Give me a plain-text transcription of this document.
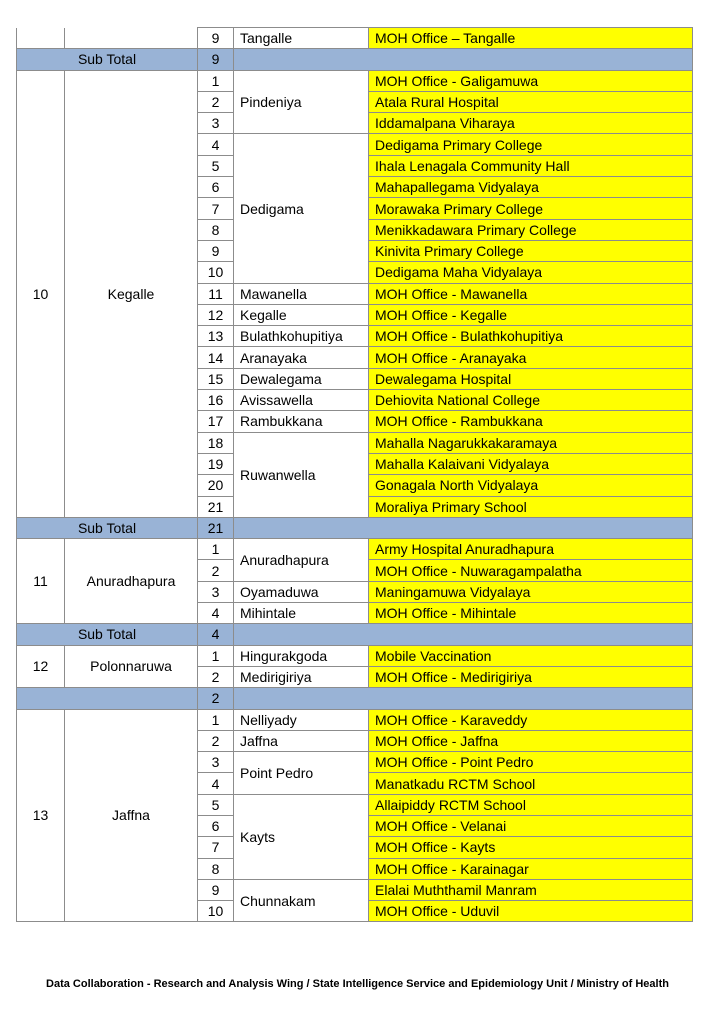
		9	Tangalle	MOH Office – Tangalle
Sub Total		9		
10	Kegalle	1	Pindeniya	MOH Office - Galigamuwa
		2		Atala Rural Hospital
		3		Iddamalpana Viharaya
		4	Dedigama	Dedigama Primary College
		5		Ihala Lenagala Community Hall
		6		Mahapallegama Vidyalaya
		7		Morawaka Primary College
		8		Menikkadawara Primary College
		9		Kinivita Primary College
		10		Dedigama Maha Vidyalaya
		11	Mawanella	MOH Office - Mawanella
		12	Kegalle	MOH Office - Kegalle
		13	Bulathkohupitiya	MOH Office - Bulathkohupitiya
		14	Aranayaka	MOH Office - Aranayaka
		15	Dewalegama	Dewalegama Hospital
		16	Avissawella	Dehiovita National College
		17	Rambukkana	MOH Office - Rambukkana
		18	Ruwanwella	Mahalla Nagarukkakaramaya
		19		Mahalla Kalaivani Vidyalaya
		20		Gonagala North Vidyalaya
		21		Moraliya Primary School
Sub Total		21		
11	Anuradhapura	1	Anuradhapura	Army Hospital Anuradhapura
		2		MOH Office - Nuwaragampalatha
		3	Oyamaduwa	Maningamuwa Vidyalaya
		4	Mihintale	MOH Office - Mihintale
Sub Total		4		
12	Polonnaruwa	1	Hingurakgoda	Mobile Vaccination
		2	Medirigiriya	MOH Office - Medirigiriya
		2		
13	Jaffna	1	Nelliyady	MOH Office - Karaveddy
		2	Jaffna	MOH Office - Jaffna
		3	Point Pedro	MOH Office - Point Pedro
		4		Manatkadu RCTM School
		5	Kayts	Allaipiddy RCTM School
		6		MOH Office - Velanai
		7		MOH Office - Kayts
		8		MOH Office - Karainagar
		9	Chunnakam	Elalai Muththamil Manram
		10		MOH Office - Uduvil
Data Collaboration - Research and Analysis Wing / State Intelligence Service and Epidemiology Unit / Ministry of Health
